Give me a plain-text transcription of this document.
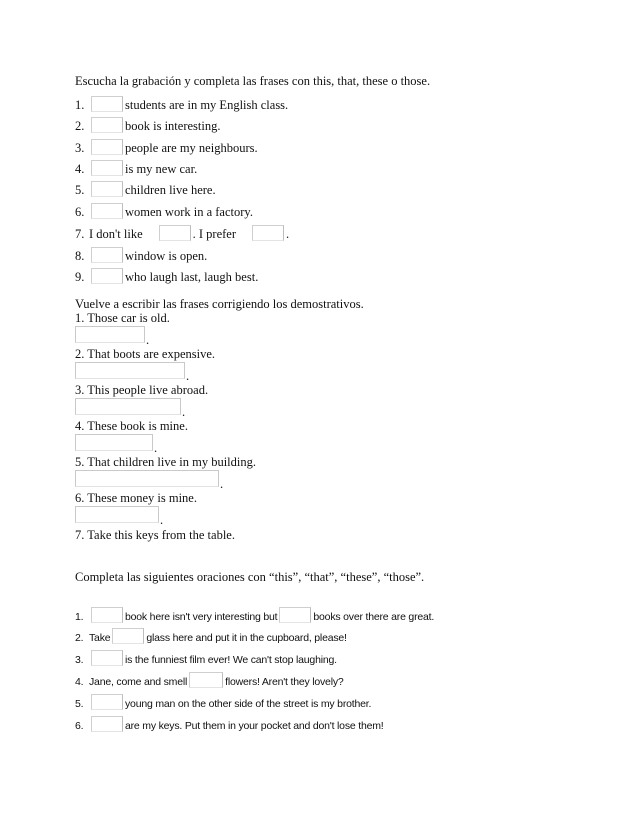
Escucha la grabación y completa las frases con this, that, these o those.
1.	students are in my English class.
2.	book is interesting.
3.	people are my neighbours.
4.	is my new car.
5.	children live here.
6.	women work in a factory.
7. I don't like	. I prefer	.
8.	window is open.
9.	who laugh last, laugh best.
Vuelve a escribir las frases corrigiendo los demostrativos.
1. Those car is old.
.
2. That boots are expensive.
.
3. This people live abroad.
.
4. These book is mine.
.
5. That children live in my building.
.
6. These money is mine.
.
7. Take this keys from the table.
Completa las siguientes oraciones con “this”, “that”, “these”, “those”.
1.	book here isn't very interesting but	books over there are great.
2. Take	glass here and put it in the cupboard, please!
3.	is the funniest film ever! We can't stop laughing.
4. Jane, come and smell	flowers! Aren't they lovely?
5.	young man on the other side of the street is my brother.
6.	are my keys. Put them in your pocket and don't lose them!
